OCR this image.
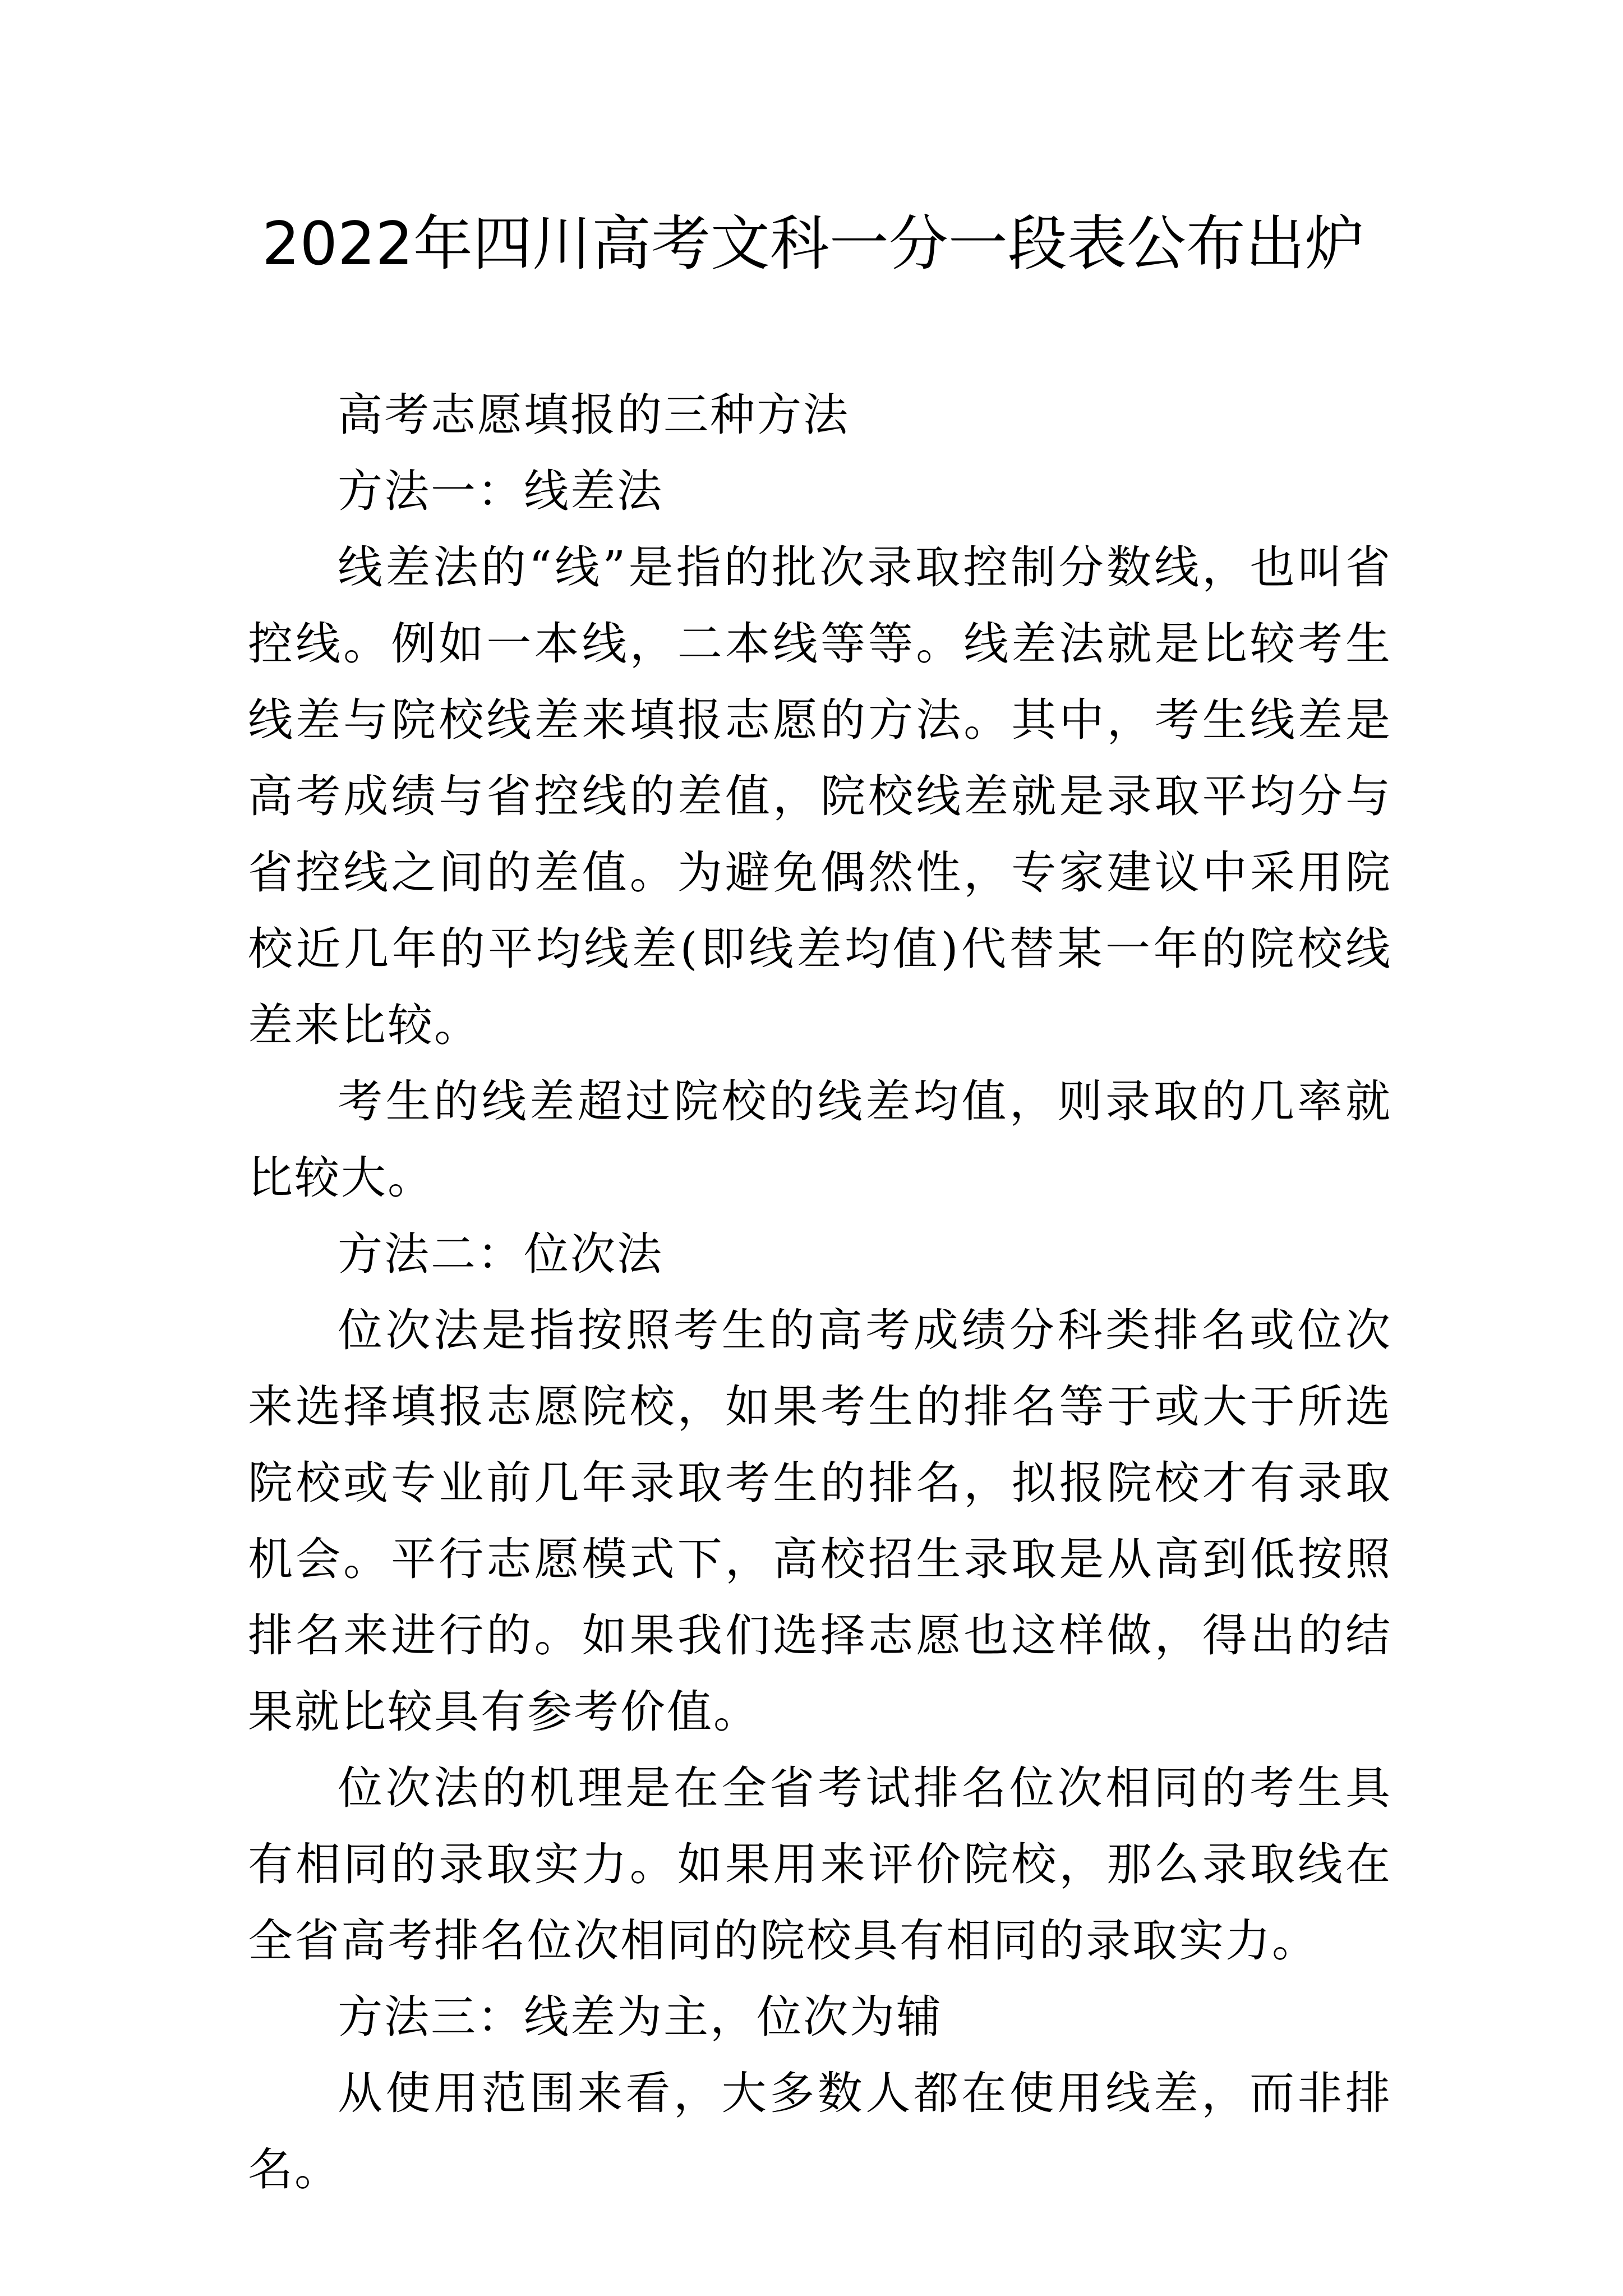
2022年四川高考文科一分一段表公布出炉

高考志愿填报的三种方法

方法一：线差法

线差法的“线”是指的批次录取控制分数线，也叫省控线。例如一本线，二本线等等。线差法就是比较考生线差与院校线差来填报志愿的方法。其中，考生线差是高考成绩与省控线的差值，院校线差就是录取平均分与省控线之间的差值。为避免偶然性，专家建议中采用院校近几年的平均线差(即线差均值)代替某一年的院校线差来比较。

考生的线差超过院校的线差均值，则录取的几率就比较大。

方法二：位次法

位次法是指按照考生的高考成绩分科类排名或位次来选择填报志愿院校，如果考生的排名等于或大于所选院校或专业前几年录取考生的排名，拟报院校才有录取机会。平行志愿模式下，高校招生录取是从高到低按照排名来进行的。如果我们选择志愿也这样做，得出的结果就比较具有参考价值。

位次法的机理是在全省考试排名位次相同的考生具有相同的录取实力。如果用来评价院校，那么录取线在全省高考排名位次相同的院校具有相同的录取实力。

方法三：线差为主，位次为辅

从使用范围来看，大多数人都在使用线差，而非排名。
